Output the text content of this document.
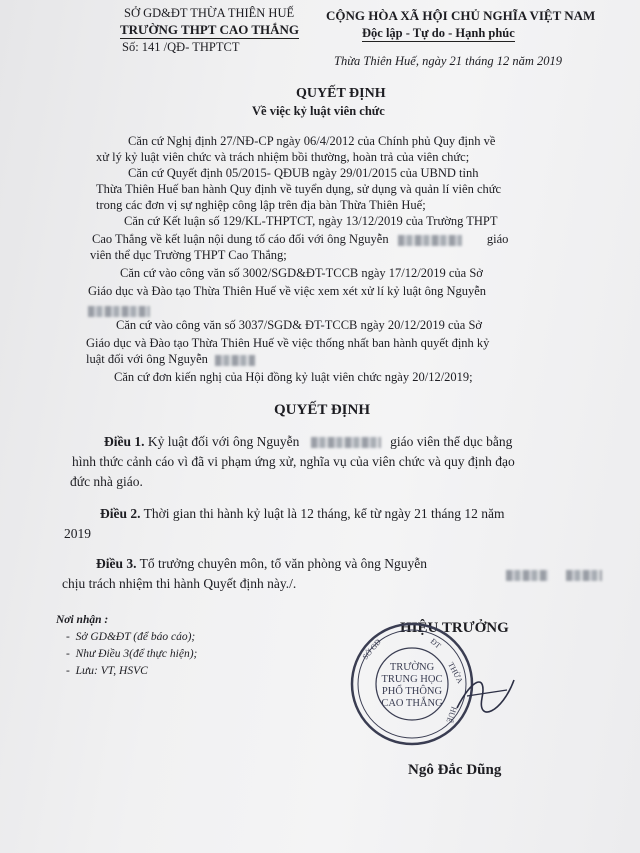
SỞ GD&ĐT THỪA THIÊN HUẾ
TRƯỜNG THPT CAO THẮNG
Số: 141 /QĐ- THPTCT
CỘNG HÒA XÃ HỘI CHỦ NGHĨA VIỆT NAM
Độc lập - Tự do - Hạnh phúc
Thừa Thiên Huế, ngày 21 tháng 12 năm 2019
QUYẾT ĐỊNH
Về việc kỷ luật viên chức
Căn cứ Nghị định 27/NĐ-CP ngày 06/4/2012 của Chính phủ Quy định về
xử lý kỷ luật viên chức và trách nhiệm bồi thường, hoàn trả của viên chức;
Căn cứ Quyết định 05/2015- QĐUB ngày 29/01/2015 của UBND tỉnh
Thừa Thiên Huế ban hành Quy định về tuyển dụng, sử dụng và quản lí viên chức
trong các đơn vị sự nghiệp công lập trên địa bàn Thừa Thiên Huế;
Căn cứ Kết luận số 129/KL-THPTCT, ngày 13/12/2019 của Trường THPT
Cao Thắng về kết luận nội dung tố cáo đối với ông Nguyễn	giáo
viên thể dục Trường THPT Cao Thắng;
Căn cứ vào công văn số 3002/SGD&ĐT-TCCB ngày 17/12/2019 của Sở
Giáo dục và Đào tạo Thừa Thiên Huế về việc xem xét xử lí kỷ luật ông Nguyễn
Căn cứ vào công văn số 3037/SGD& ĐT-TCCB ngày 20/12/2019 của Sở
Giáo dục và Đào tạo Thừa Thiên Huế về việc thống nhất ban hành quyết định kỷ
luật đối với ông Nguyễn
Căn cứ đơn kiến nghị của Hội đồng kỷ luật viên chức ngày 20/12/2019;
QUYẾT ĐỊNH
Điều 1. Kỷ luật đối với ông Nguyễn	giáo viên thể dục bằng
hình thức cảnh cáo vì đã vi phạm ứng xử, nghĩa vụ của viên chức và quy định đạo
đức nhà giáo.
Điều 2. Thời gian thi hành kỷ luật là 12 tháng, kể từ ngày 21 tháng 12 năm
2019
Điều 3. Tổ trưởng chuyên môn, tổ văn phòng và ông Nguyễn

chịu trách nhiệm thi hành Quyết định này./.
Nơi nhận :
-  Sở GD&ĐT (để báo cáo);
-  Như Điều 3(để thực hiện);
-  Lưu: VT, HSVC
HIỆU TRƯỞNG
SỞ GD	ĐT
THỪA
HUẾ
TRƯỜNG
TRUNG HỌC
PHỔ THÔNG
CAO THẮNG
Ngô Đắc Dũng
